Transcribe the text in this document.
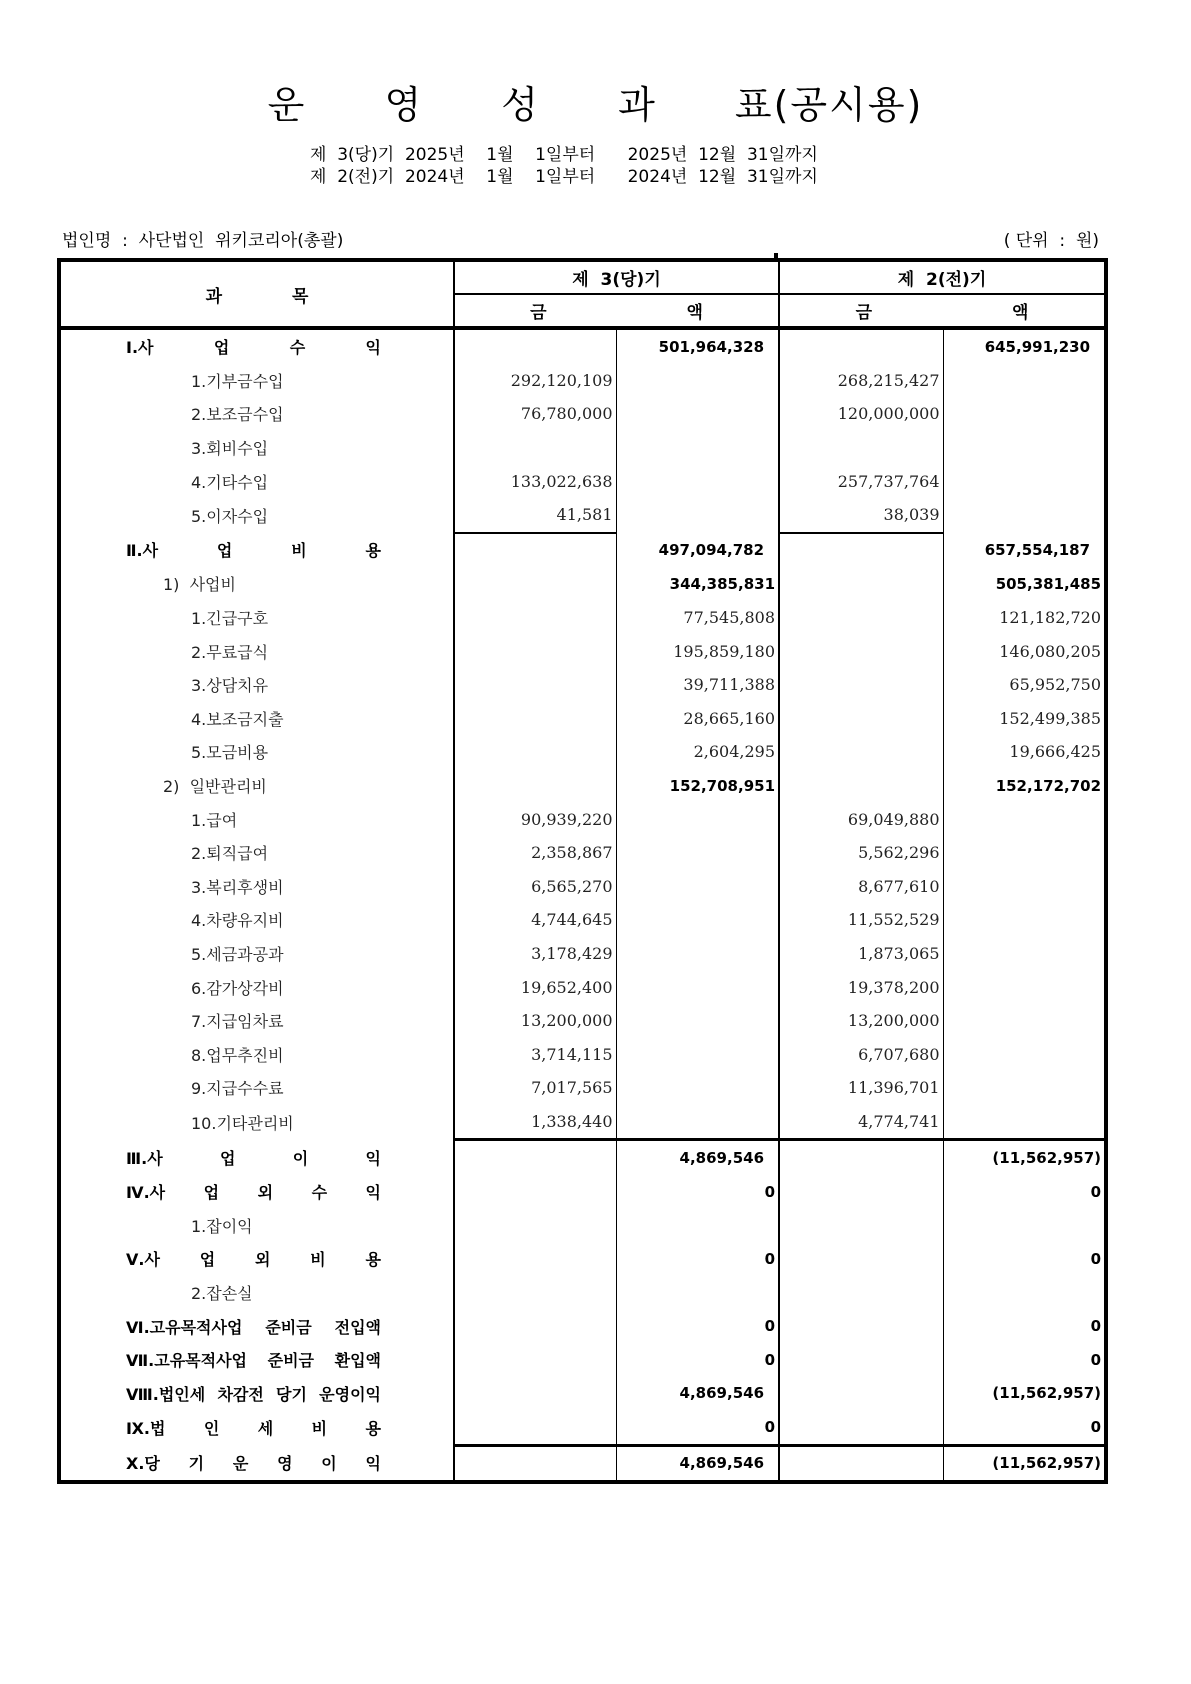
운 영 성 과 표(공시용)
제  3(당)기  2025년    1월    1일부터      2025년  12월  31일까지
제  2(전)기  2024년    1월    1일부터      2024년  12월  31일까지
법인명  :  사단법인  위키코리아(총괄)	( 단위  :  원)
과 목	제  3(당)기		제  2(전)기	
	금 액		금 액	

Ⅰ.사 업 수 익		501,964,328		645,991,230

1.기부금수입	292,120,109		268,215,427	

2.보조금수입	76,780,000		120,000,000	

3.회비수입				

4.기타수입	133,022,638		257,737,764	

5.이자수입	41,581		38,039	

Ⅱ.사 업 비 용		497,094,782		657,554,187

1)  사업비		344,385,831		505,381,485

1.긴급구호		77,545,808		121,182,720

2.무료급식		195,859,180		146,080,205

3.상담치유		39,711,388		65,952,750

4.보조금지출		28,665,160		152,499,385

5.모금비용		2,604,295		19,666,425

2)  일반관리비		152,708,951		152,172,702

1.급여	90,939,220		69,049,880	

2.퇴직급여	2,358,867		5,562,296	

3.복리후생비	6,565,270		8,677,610	

4.차량유지비	4,744,645		11,552,529	

5.세금과공과	3,178,429		1,873,065	

6.감가상각비	19,652,400		19,378,200	

7.지급임차료	13,200,000		13,200,000	

8.업무추진비	3,714,115		6,707,680	

9.지급수수료	7,017,565		11,396,701	

10.기타관리비	1,338,440		4,774,741	

Ⅲ.사 업 이 익		4,869,546		(11,562,957)

Ⅳ.사 업 외 수 익		0		0

1.잡이익				

Ⅴ.사 업 외 비 용		0		0

2.잡손실				

Ⅵ.고유목적사업 준비금 전입액		0		0

Ⅶ.고유목적사업 준비금 환입액		0		0

Ⅷ.법인세 차감전 당기 운영이익		4,869,546		(11,562,957)

Ⅸ.법 인 세 비 용		0		0

Ⅹ.당 기 운 영 이 익		4,869,546		(11,562,957)
